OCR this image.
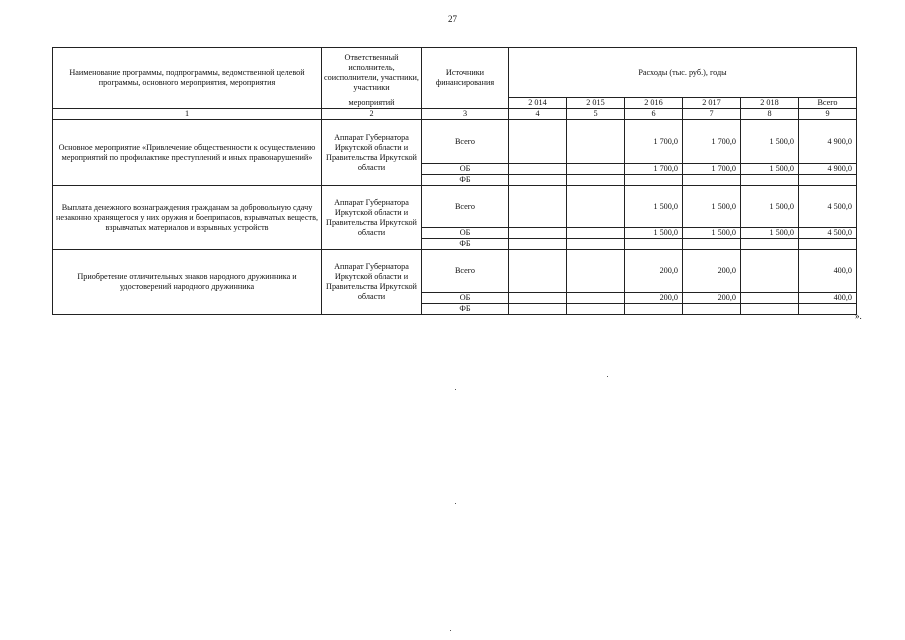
27
Наименование программы, подпрограммы, ведомственной целевой программы, основного мероприятия, мероприятия	Ответственный исполнитель, соисполнители, участники, участники	Источники финансирования	Расходы (тыс. руб.), годы					
	мероприятий		2 014	2 015	2 016	2 017	2 018	Всего
1	2	3	4	5	6	7	8	9
Основное мероприятие «Привлечение общественности к осуществлению мероприятий по профилактике преступлений и иных правонарушений»	Аппарат Губернатора Иркутской области и Правительства Иркутской области	Всего			1 700,0	1 700,0	1 500,0	4 900,0
		ОБ			1 700,0	1 700,0	1 500,0	4 900,0
		ФБ						
Выплата денежного вознаграждения гражданам за добровольную сдачу незаконно хранящегося у них оружия и боеприпасов, взрывчатых веществ, взрывчатых материалов и взрывных устройств	Аппарат Губернатора Иркутской области и Правительства Иркутской области	Всего			1 500,0	1 500,0	1 500,0	4 500,0
		ОБ			1 500,0	1 500,0	1 500,0	4 500,0
		ФБ						
Приобретение отличительных знаков народного дружинника и удостоверений народного дружинника	Аппарат Губернатора Иркутской области и Правительства Иркутской области	Всего			200,0	200,0		400,0
		ОБ			200,0	200,0		400,0
		ФБ						
».
